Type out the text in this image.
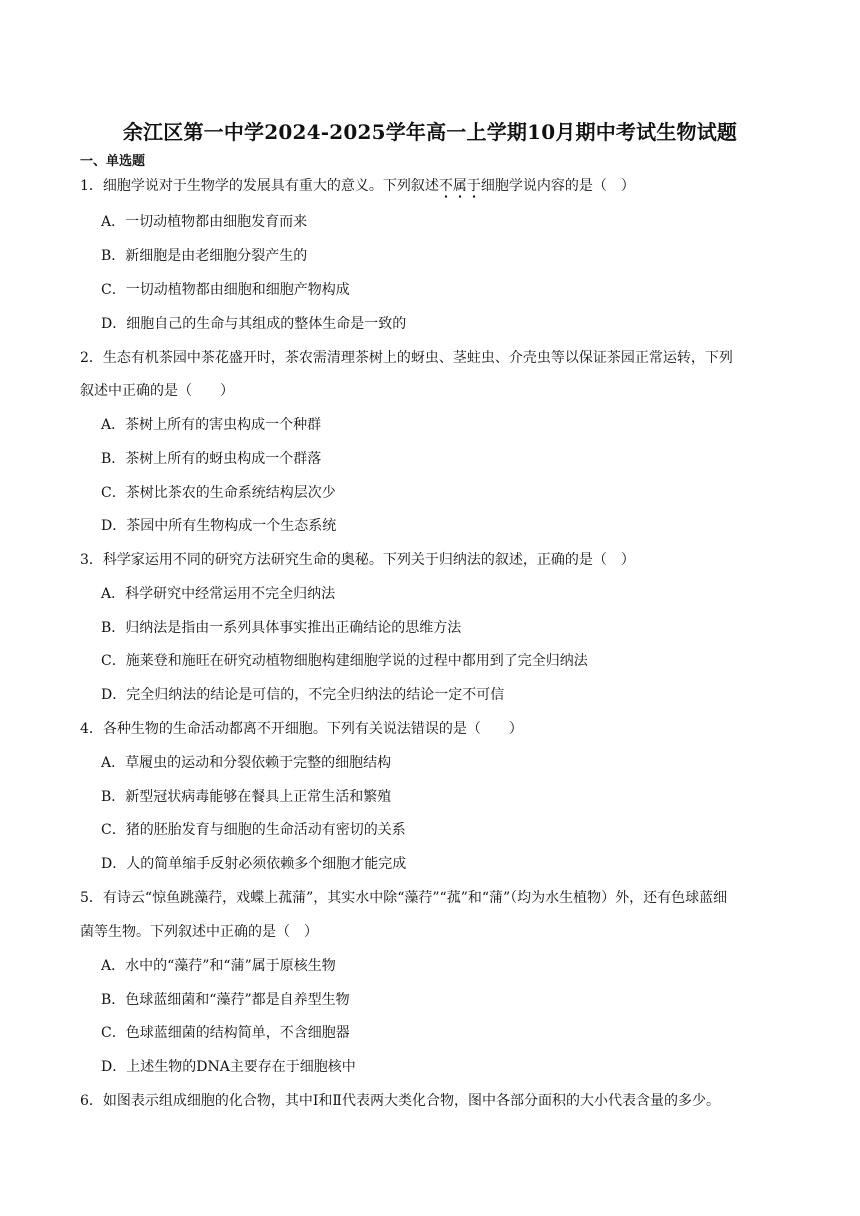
余江区第一中学2024-2025学年高一上学期10月期中考试生物试题
一、单选题
1．细胞学说对于生物学的发展具有重大的意义。下列叙述不属于细胞学说内容的是（　）
A．一切动植物都由细胞发育而来
B．新细胞是由老细胞分裂产生的
C．一切动植物都由细胞和细胞产物构成
D．细胞自己的生命与其组成的整体生命是一致的
2．生态有机茶园中茶花盛开时，茶农需清理茶树上的蚜虫、茎蛀虫、介壳虫等以保证茶园正常运转，下列
叙述中正确的是（　　）
A．茶树上所有的害虫构成一个种群
B．茶树上所有的蚜虫构成一个群落
C．茶树比茶农的生命系统结构层次少
D．茶园中所有生物构成一个生态系统
3．科学家运用不同的研究方法研究生命的奥秘。下列关于归纳法的叙述，正确的是（　）
A．科学研究中经常运用不完全归纳法
B．归纳法是指由一系列具体事实推出正确结论的思维方法
C．施莱登和施旺在研究动植物细胞构建细胞学说的过程中都用到了完全归纳法
D．完全归纳法的结论是可信的，不完全归纳法的结论一定不可信
4．各种生物的生命活动都离不开细胞。下列有关说法错误的是（　　）
A．草履虫的运动和分裂依赖于完整的细胞结构
B．新型冠状病毒能够在餐具上正常生活和繁殖
C．猪的胚胎发育与细胞的生命活动有密切的关系
D．人的简单缩手反射必须依赖多个细胞才能完成
5．有诗云“惊鱼跳藻荇，戏蝶上菰蒲”，其实水中除“藻荇”“菰”和“蒲”（均为水生植物）外，还有色球蓝细
菌等生物。下列叙述中正确的是（　）
A．水中的“藻荇”和“蒲”属于原核生物
B．色球蓝细菌和“藻荇”都是自养型生物
C．色球蓝细菌的结构简单，不含细胞器
D．上述生物的DNA主要存在于细胞核中
6．如图表示组成细胞的化合物，其中Ⅰ和Ⅱ代表两大类化合物，图中各部分面积的大小代表含量的多少。
